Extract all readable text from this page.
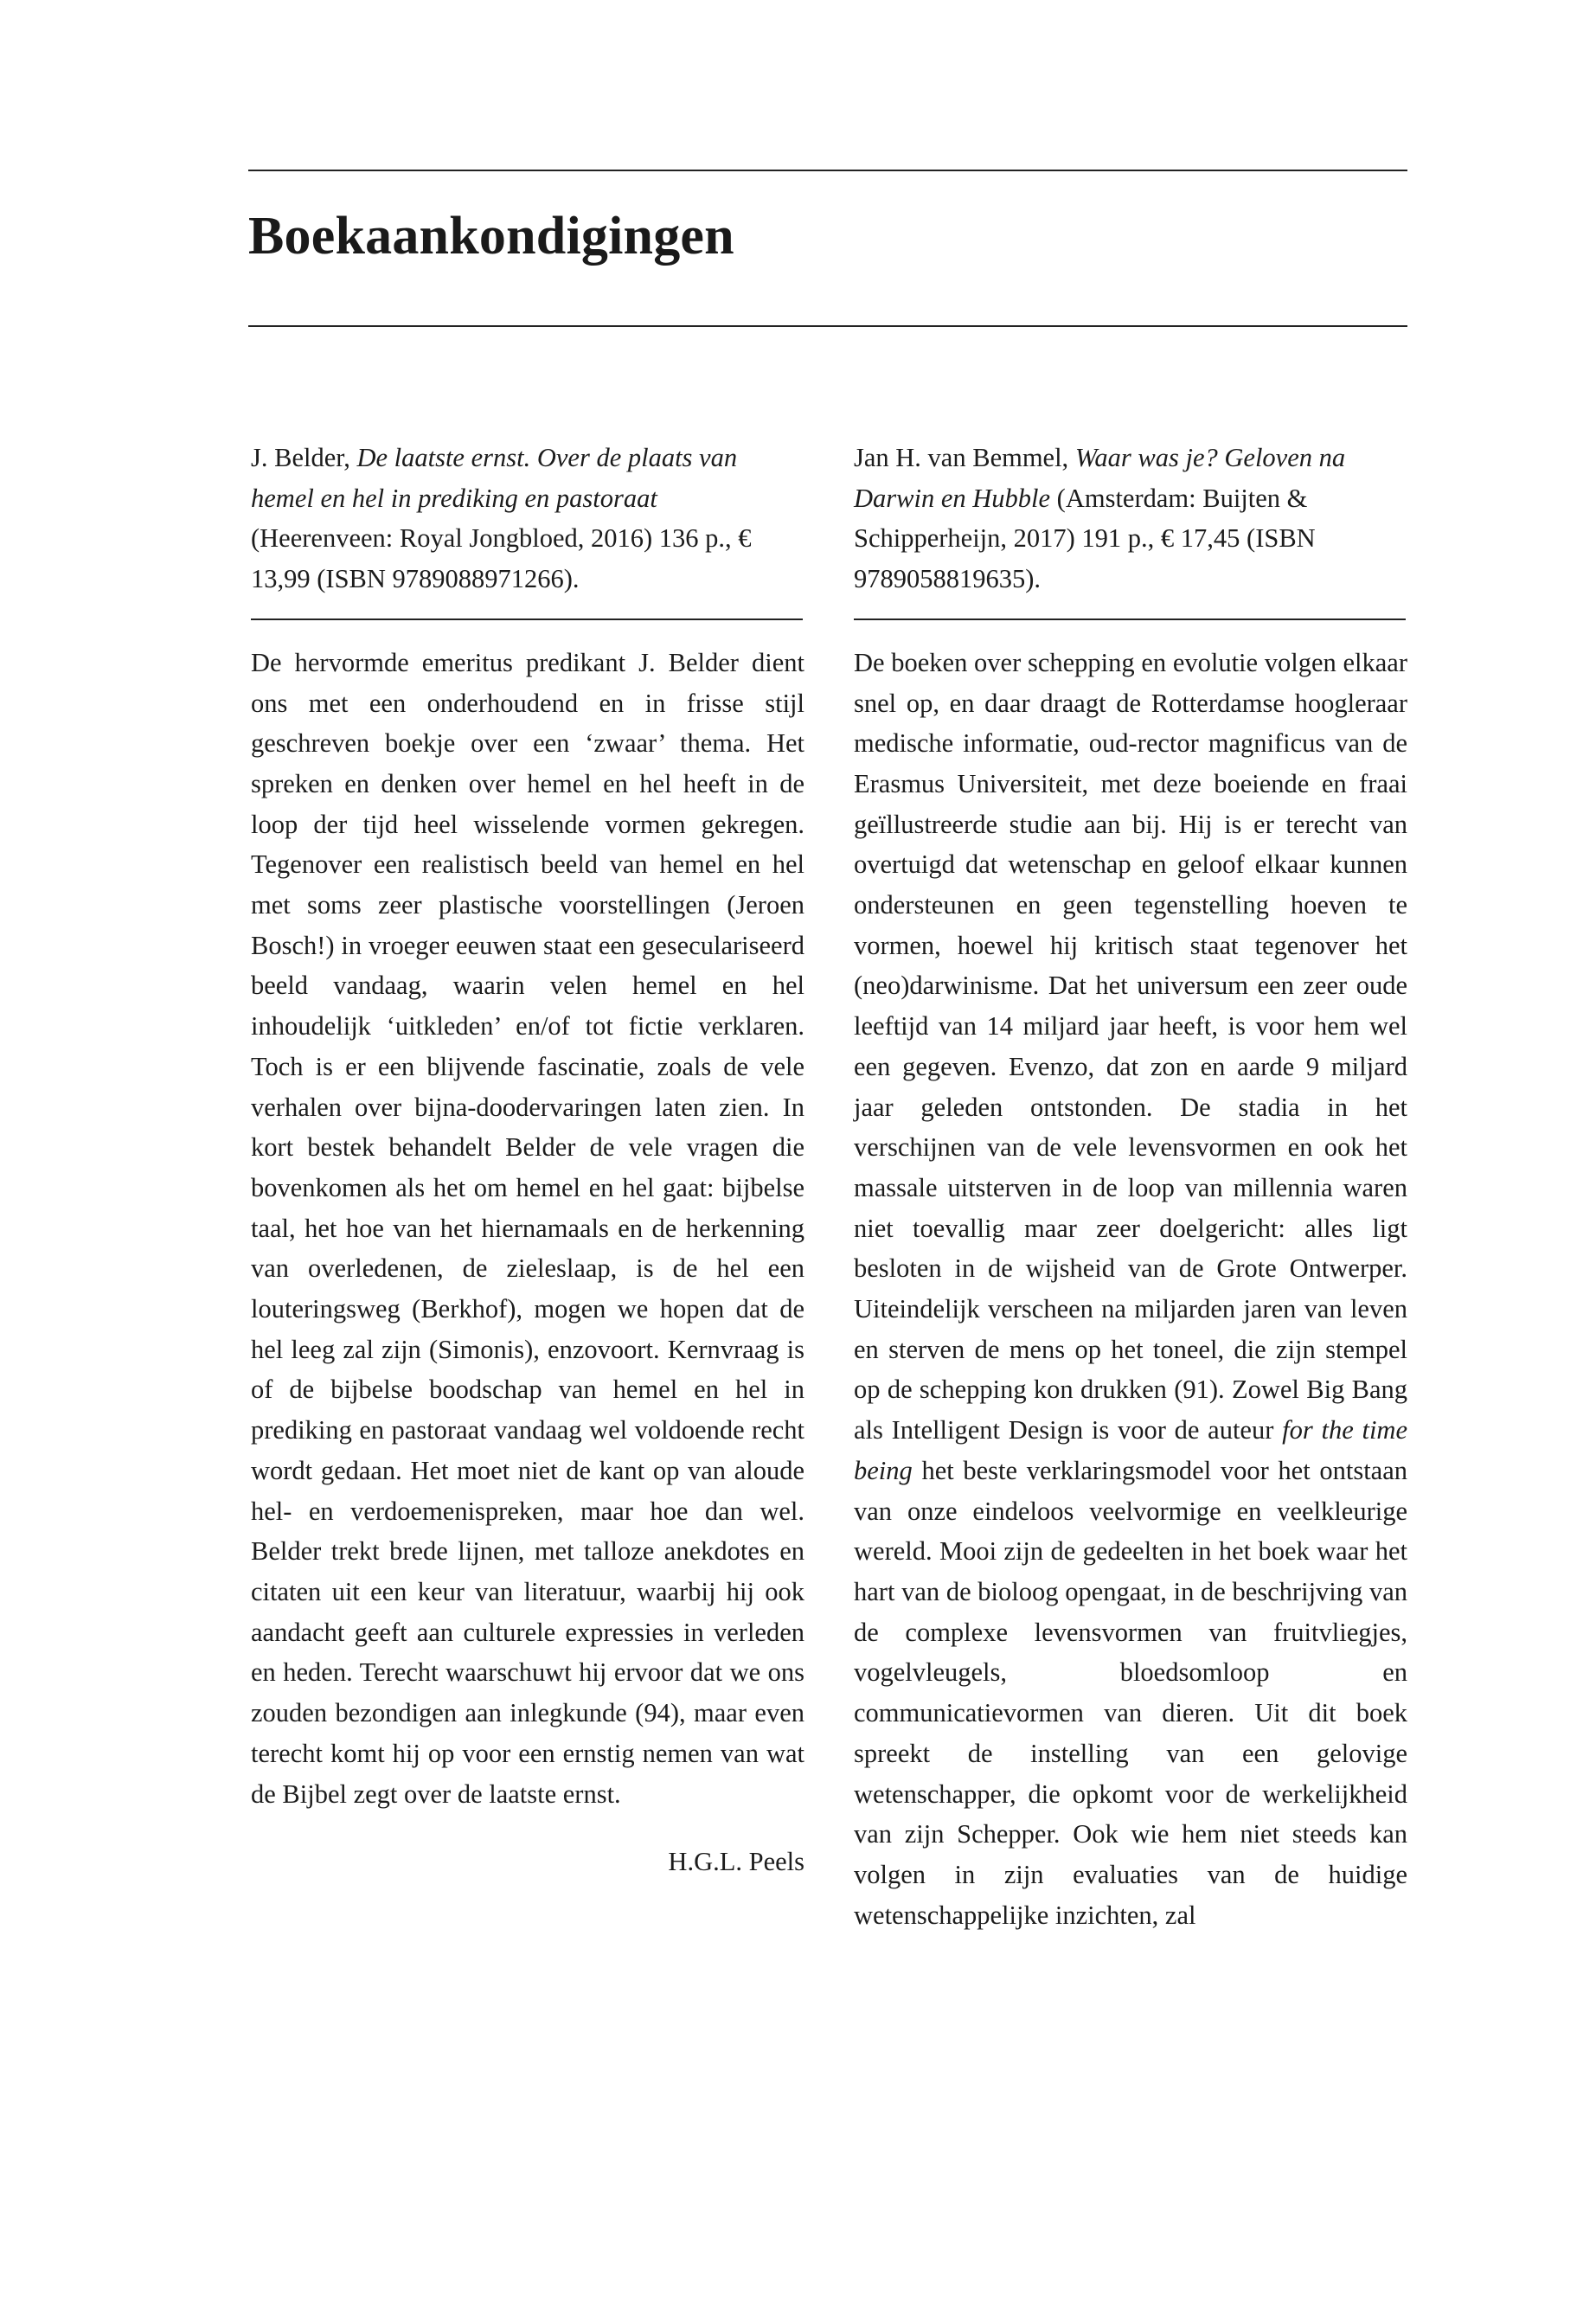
Boekaankondigingen

J. Belder, De laatste ernst. Over de plaats van hemel en hel in prediking en pastoraat (Heerenveen: Royal Jongbloed, 2016) 136 p., € 13,99 (ISBN 9789088971266).

De hervormde emeritus predikant J. Belder dient ons met een onderhoudend en in frisse stijl geschreven boekje over een ‘zwaar’ thema. Het spreken en denken over hemel en hel heeft in de loop der tijd heel wisselende vormen gekregen. Tegenover een realistisch beeld van hemel en hel met soms zeer plastische voorstellingen (Jeroen Bosch!) in vroeger eeuwen staat een geseculariseerd beeld vandaag, waarin velen hemel en hel inhoudelijk ‘uitkleden’ en/of tot fictie verklaren. Toch is er een blijvende fascinatie, zoals de vele verhalen over bijna-doodervaringen laten zien. In kort bestek behandelt Belder de vele vragen die bovenkomen als het om hemel en hel gaat: bijbelse taal, het hoe van het hiernamaals en de herkenning van overledenen, de zieleslaap, is de hel een louteringsweg (Berkhof), mogen we hopen dat de hel leeg zal zijn (Simonis), enzovoort. Kernvraag is of de bijbelse boodschap van hemel en hel in prediking en pastoraat vandaag wel voldoende recht wordt gedaan. Het moet niet de kant op van aloude hel- en verdoemenispreken, maar hoe dan wel. Belder trekt brede lijnen, met talloze anekdotes en citaten uit een keur van literatuur, waarbij hij ook aandacht geeft aan culturele expressies in verleden en heden. Terecht waarschuwt hij ervoor dat we ons zouden bezondigen aan inlegkunde (94), maar even terecht komt hij op voor een ernstig nemen van wat de Bijbel zegt over de laatste ernst.

H.G.L. Peels

Jan H. van Bemmel, Waar was je? Geloven na Darwin en Hubble (Amsterdam: Buijten & Schipperheijn, 2017) 191 p., € 17,45 (ISBN 9789058819635).

De boeken over schepping en evolutie volgen elkaar snel op, en daar draagt de Rotterdamse hoogleraar medische informatie, oud-rector magnificus van de Erasmus Universiteit, met deze boeiende en fraai geïllustreerde studie aan bij. Hij is er terecht van overtuigd dat wetenschap en geloof elkaar kunnen ondersteunen en geen tegenstelling hoeven te vormen, hoewel hij kritisch staat tegenover het (neo)darwinisme. Dat het universum een zeer oude leeftijd van 14 miljard jaar heeft, is voor hem wel een gegeven. Evenzo, dat zon en aarde 9 miljard jaar geleden ontstonden. De stadia in het verschijnen van de vele levensvormen en ook het massale uitsterven in de loop van millennia waren niet toevallig maar zeer doelgericht: alles ligt besloten in de wijsheid van de Grote Ontwerper. Uiteindelijk verscheen na miljarden jaren van leven en sterven de mens op het toneel, die zijn stempel op de schepping kon drukken (91). Zowel Big Bang als Intelligent Design is voor de auteur for the time being het beste verklaringsmodel voor het ontstaan van onze eindeloos veelvormige en veelkleurige wereld. Mooi zijn de gedeelten in het boek waar het hart van de bioloog opengaat, in de beschrijving van de complexe levensvormen van fruitvliegjes, vogelvleugels, bloedsomloop en communicatievormen van dieren. Uit dit boek spreekt de instelling van een gelovige wetenschapper, die opkomt voor de werkelijkheid van zijn Schepper. Ook wie hem niet steeds kan volgen in zijn evaluaties van de huidige wetenschappelijke inzichten, zal
